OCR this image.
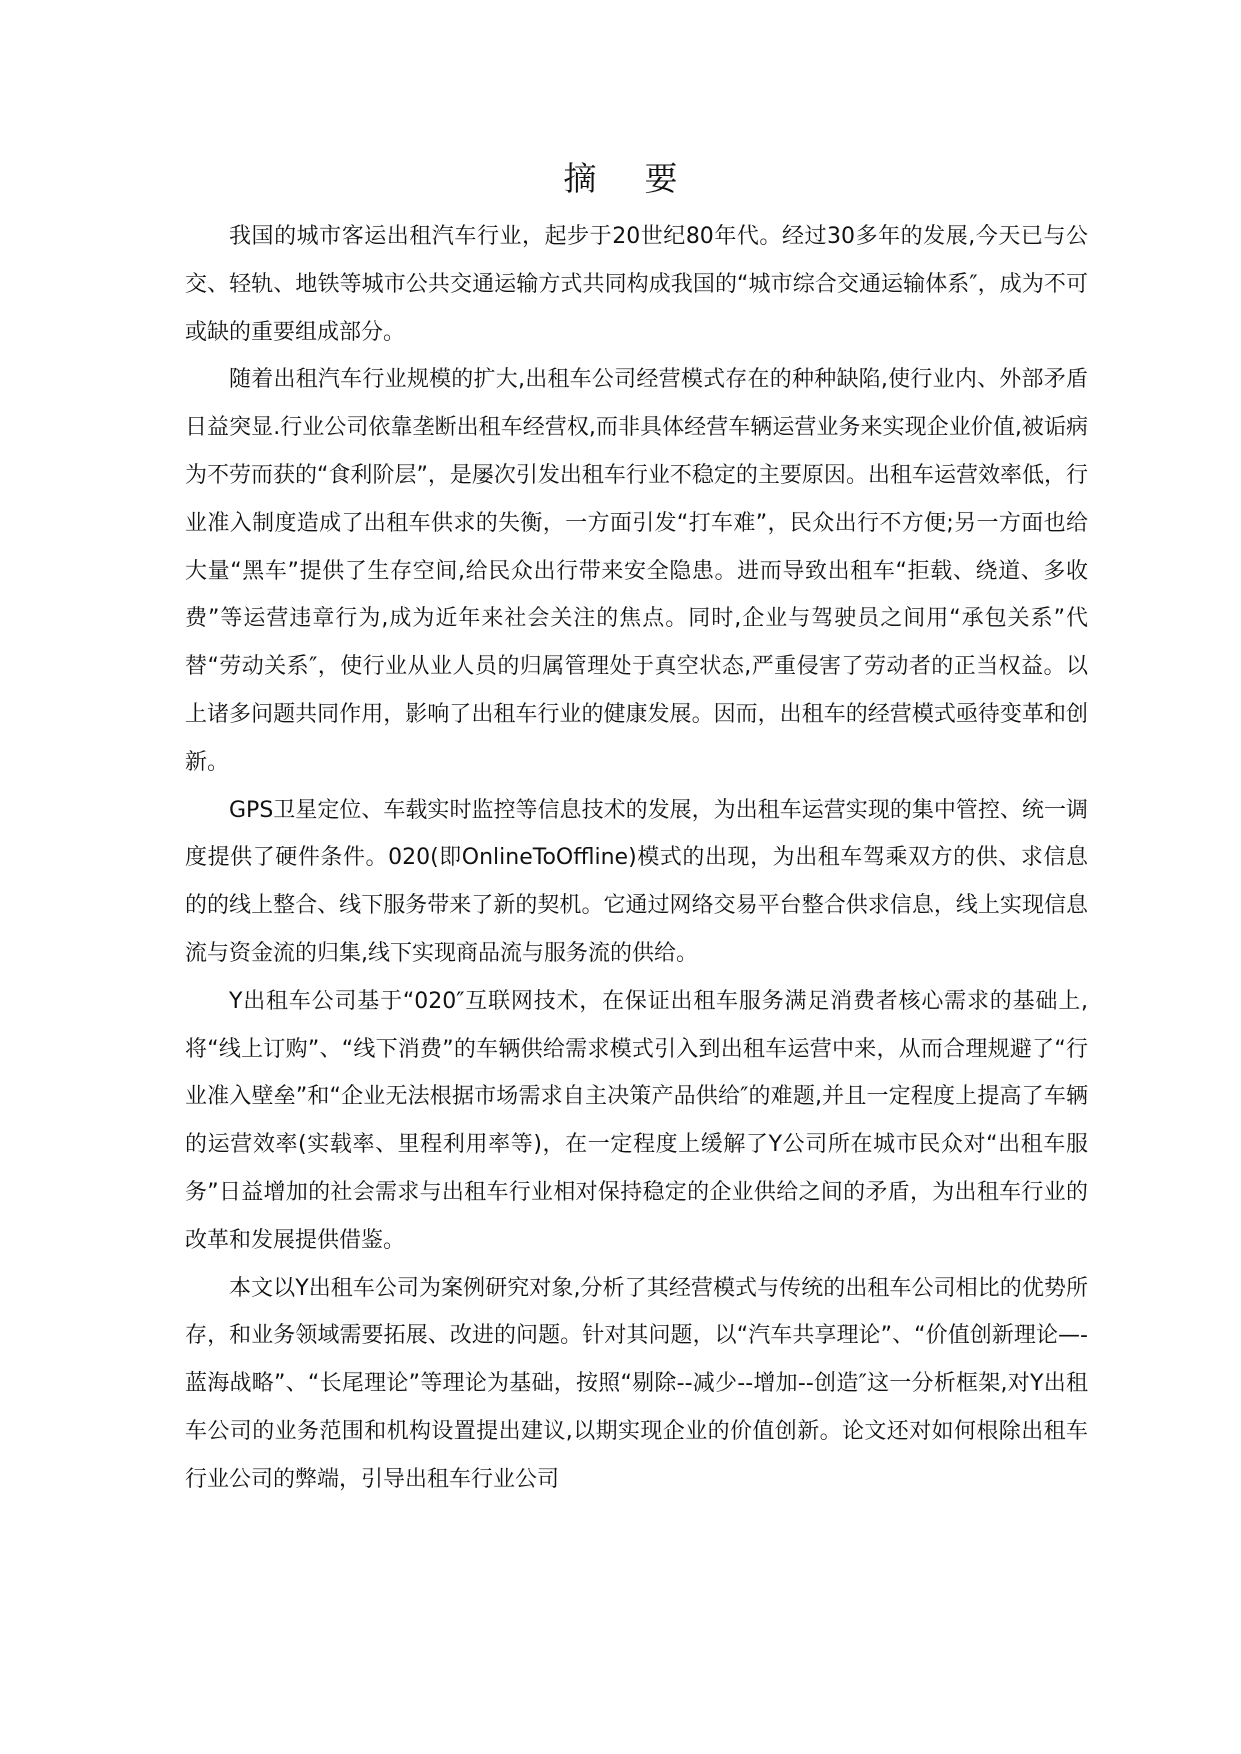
摘要

我国的城市客运出租汽车行业，起步于20世纪80年代。经过30多年的发展,今天已与公交、轻轨、地铁等城市公共交通运输方式共同构成我国的“城市综合交通运输体系″，成为不可或缺的重要组成部分。

随着出租汽车行业规模的扩大,出租车公司经营模式存在的种种缺陷,使行业内、外部矛盾日益突显.行业公司依靠垄断出租车经营权,而非具体经营车辆运营业务来实现企业价值,被诟病为不劳而获的“食利阶层”，是屡次引发出租车行业不稳定的主要原因。出租车运营效率低，行业准入制度造成了出租车供求的失衡，一方面引发“打车难”，民众出行不方便;另一方面也给大量“黑车”提供了生存空间,给民众出行带来安全隐患。进而导致出租车“拒载、绕道、多收费”等运营违章行为,成为近年来社会关注的焦点。同时,企业与驾驶员之间用“承包关系”代替“劳动关系″，使行业从业人员的归属管理处于真空状态,严重侵害了劳动者的正当权益。以上诸多问题共同作用，影响了出租车行业的健康发展。因而，出租车的经营模式亟待变革和创新。

GPS卫星定位、车载实时监控等信息技术的发展，为出租车运营实现的集中管控、统一调度提供了硬件条件。020(即OnlineToOffline)模式的出现，为出租车驾乘双方的供、求信息的的线上整合、线下服务带来了新的契机。它通过网络交易平台整合供求信息，线上实现信息流与资金流的归集,线下实现商品流与服务流的供给。

Y出租车公司基于“020″互联网技术，在保证出租车服务满足消费者核心需求的基础上,将“线上订购”、“线下消费”的车辆供给需求模式引入到出租车运营中来，从而合理规避了“行业准入壁垒”和“企业无法根据市场需求自主决策产品供给″的难题,并且一定程度上提高了车辆的运营效率(实载率、里程利用率等)，在一定程度上缓解了Y公司所在城市民众对“出租车服务”日益增加的社会需求与出租车行业相对保持稳定的企业供给之间的矛盾，为出租车行业的改革和发展提供借鉴。

本文以Y出租车公司为案例研究对象,分析了其经营模式与传统的出租车公司相比的优势所存，和业务领域需要拓展、改进的问题。针对其问题，以“汽车共享理论”、“价值创新理论—-蓝海战略”、“长尾理论”等理论为基础，按照“剔除--减少--增加--创造″这一分析框架,对Y出租车公司的业务范围和机构设置提出建议,以期实现企业的价值创新。论文还对如何根除出租车行业公司的弊端，引导出租车行业公司
